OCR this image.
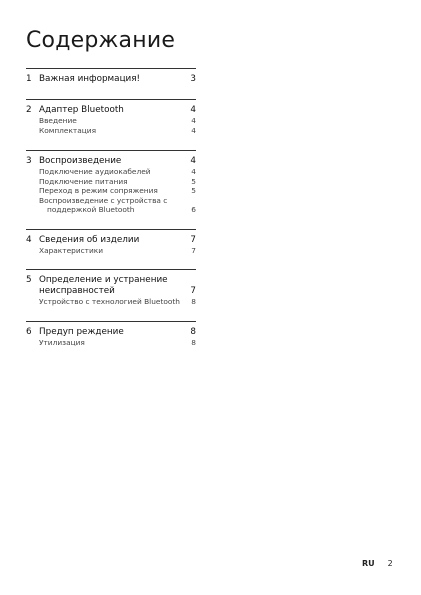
Содержание
1 Важная информация!	3
2 Адаптер Bluetooth	4
Введение	4
Комплектация	4
3 Воспроизведение	4
Подключение аудиокабелей	4
Подключение питания	5
Переход в режим сопряжения	5
Воспроизведение с устройства с
поддержкой Bluetooth	6
4 Сведения об изделии	7
Характеристики	7
5 Определение и устранение
неисправностей	7
Устройство с технологией Bluetooth	8
6 Предуп реждение	8
Утилизация	8
RU 2
